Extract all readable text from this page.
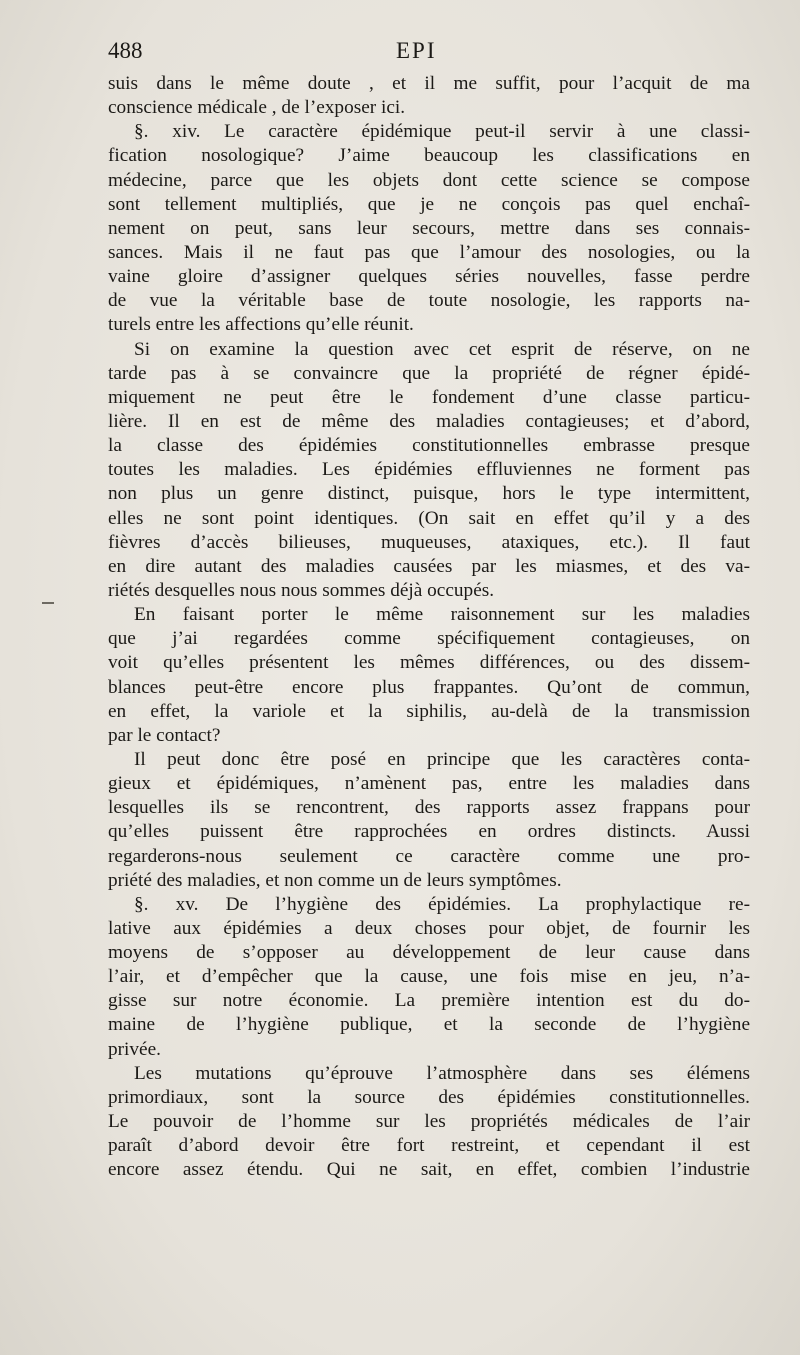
488	EPI
suis dans le même doute , et il me suffit, pour l’acquit de ma
conscience médicale , de l’exposer ici.
§. xiv. Le caractère épidémique peut-il servir à une classi-
fication nosologique? J’aime beaucoup les classifications en
médecine, parce que les objets dont cette science se compose
sont tellement multipliés, que je ne conçois pas quel enchaî-
nement on peut, sans leur secours, mettre dans ses connais-
sances. Mais il ne faut pas que l’amour des nosologies, ou la
vaine gloire d’assigner quelques séries nouvelles, fasse perdre
de vue la véritable base de toute nosologie, les rapports na-
turels entre les affections qu’elle réunit.
Si on examine la question avec cet esprit de réserve, on ne
tarde pas à se convaincre que la propriété de régner épidé-
miquement ne peut être le fondement d’une classe particu-
lière. Il en est de même des maladies contagieuses; et d’abord,
la classe des épidémies constitutionnelles embrasse presque
toutes les maladies. Les épidémies effluviennes ne forment pas
non plus un genre distinct, puisque, hors le type intermittent,
elles ne sont point identiques. (On sait en effet qu’il y a des
fièvres d’accès bilieuses, muqueuses, ataxiques, etc.). Il faut
en dire autant des maladies causées par les miasmes, et des va-
riétés desquelles nous nous sommes déjà occupés.
En faisant porter le même raisonnement sur les maladies
que j’ai regardées comme spécifiquement contagieuses, on
voit qu’elles présentent les mêmes différences, ou des dissem-
blances peut-être encore plus frappantes. Qu’ont de commun,
en effet, la variole et la siphilis, au-delà de la transmission
par le contact?
Il peut donc être posé en principe que les caractères conta-
gieux et épidémiques, n’amènent pas, entre les maladies dans
lesquelles ils se rencontrent, des rapports assez frappans pour
qu’elles puissent être rapprochées en ordres distincts. Aussi
regarderons-nous seulement ce caractère comme une pro-
priété des maladies, et non comme un de leurs symptômes.
§. xv. De l’hygiène des épidémies. La prophylactique re-
lative aux épidémies a deux choses pour objet, de fournir les
moyens de s’opposer au développement de leur cause dans
l’air, et d’empêcher que la cause, une fois mise en jeu, n’a-
gisse sur notre économie. La première intention est du do-
maine de l’hygiène publique, et la seconde de l’hygiène
privée.
Les mutations qu’éprouve l’atmosphère dans ses élémens
primordiaux, sont la source des épidémies constitutionnelles.
Le pouvoir de l’homme sur les propriétés médicales de l’air
paraît d’abord devoir être fort restreint, et cependant il est
encore assez étendu. Qui ne sait, en effet, combien l’industrie
